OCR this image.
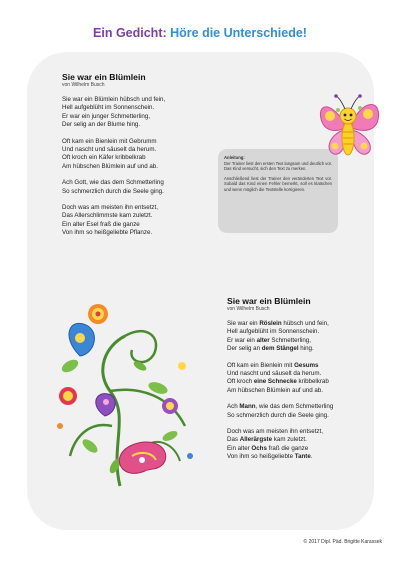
Ein Gedicht: Höre die Unterschiede!
Sie war ein Blümlein
von Wilhelm Busch
Sie war ein Blümlein hübsch und fein,
Hell aufgeblüht im Sonnenschein.
Er war ein junger Schmetterling,
Der selig an der Blume hing.
Oft kam ein Bienlein mit Gebrumm
Und nascht und säuselt da herum.
Oft kroch ein Käfer kribbelkrab
Am hübschen Blümlein auf und ab.
Ach Gott, wie das dem Schmetterling
So schmerzlich durch die Seele ging.
Doch was am meisten ihn entsetzt,
Das Allerschlimmste kam zuletzt.
Ein alter Esel fraß die ganze
Von ihm so heißgeliebte Pflanze.
Anleitung:

Der Trainer liest den ersten Text langsam und deutlich vor. Das Kind versucht, sich den Text zu merken.

Anschließend liest der Trainer den veränderten Text vor. Sobald das Kind einen Fehler bemerkt, soll es klatschen und wenn möglich die Textstelle korrigieren.

Sie war ein Blümlein
von Wilhelm Busch
Sie war ein Röslein hübsch und fein,
Hell aufgeblüht im Sonnenschein.
Er war ein alter Schmetterling,
Der selig an dem Stängel hing.
Oft kam ein Bienlein mit Gesums
Und nascht und säuselt da herum.
Oft kroch eine Schnecke kribbelkrab
Am hübschen Blümlein auf und ab.
Ach Mann, wie das dem Schmetterling
So schmerzlich durch die Seele ging.
Doch was am meisten ihn entsetzt,
Das Allerärgste kam zuletzt.
Ein alter Ochs fraß die ganze
Von ihm so heißgeliebte Tante.
© 2017 Dipl. Päd. Brigitte Karassek
